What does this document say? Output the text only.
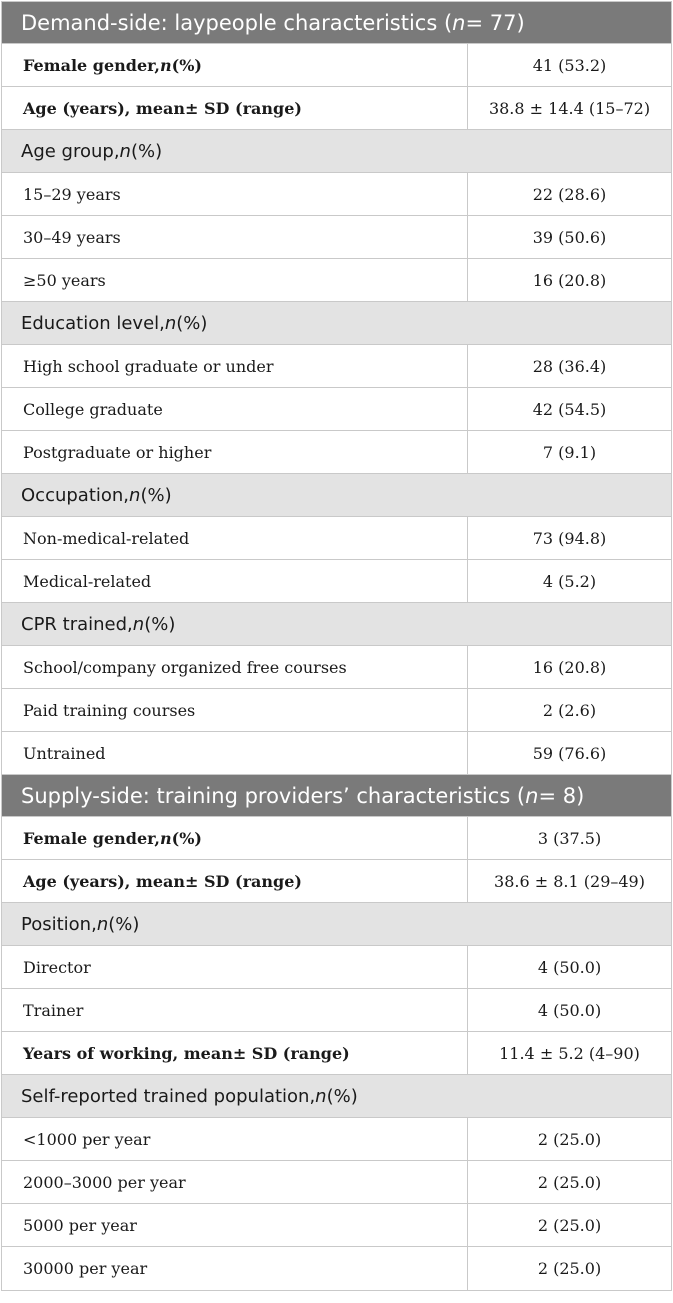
Demand-side: laypeople characteristics ( n = 77)
Female gender, n (%)	41 (53.2)
Age (years), mean± SD (range)	38.8 ± 14.4 (15–72)
Age group, n (%)
15–29 years	22 (28.6)
30–49 years	39 (50.6)
≥50 years	16 (20.8)
Education level, n (%)
High school graduate or under	28 (36.4)
College graduate	42 (54.5)
Postgraduate or higher	7 (9.1)
Occupation, n (%)
Non-medical-related	73 (94.8)
Medical-related	4 (5.2)
CPR trained, n (%)
School/company organized free courses	16 (20.8)
Paid training courses	2 (2.6)
Untrained	59 (76.6)
Supply-side: training providers’ characteristics ( n = 8)
Female gender, n (%)	3 (37.5)
Age (years), mean± SD (range)	38.6 ± 8.1 (29–49)
Position, n (%)
Director	4 (50.0)
Trainer	4 (50.0)
Years of working, mean± SD (range)	11.4 ± 5.2 (4–90)
Self-reported trained population, n (%)
<1000 per year	2 (25.0)
2000–3000 per year	2 (25.0)
5000 per year	2 (25.0)
30000 per year	2 (25.0)
